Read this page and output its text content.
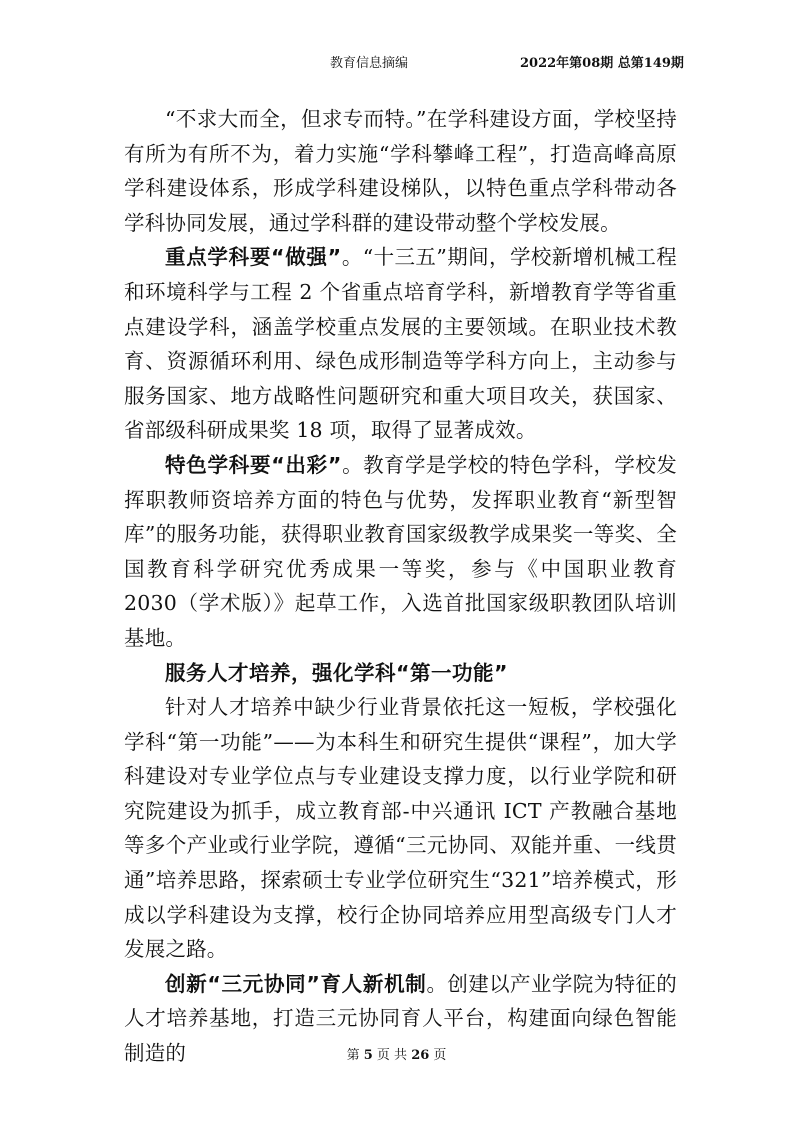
教育信息摘编	2022年第08期 总第149期

“不求大而全，但求专而特。”在学科建设方面，学校坚持有所为有所不为，着力实施“学科攀峰工程”，打造高峰高原学科建设体系，形成学科建设梯队，以特色重点学科带动各学科协同发展，通过学科群的建设带动整个学校发展。

重点学科要“做强”。“十三五”期间，学校新增机械工程和环境科学与工程 2 个省重点培育学科，新增教育学等省重点建设学科，涵盖学校重点发展的主要领域。在职业技术教育、资源循环利用、绿色成形制造等学科方向上，主动参与服务国家、地方战略性问题研究和重大项目攻关，获国家、省部级科研成果奖 18 项，取得了显著成效。

特色学科要“出彩”。教育学是学校的特色学科，学校发挥职教师资培养方面的特色与优势，发挥职业教育“新型智库”的服务功能，获得职业教育国家级教学成果奖一等奖、全国教育科学研究优秀成果一等奖，参与《中国职业教育 2030（学术版）》起草工作，入选首批国家级职教团队培训基地。

服务人才培养，强化学科“第一功能”

针对人才培养中缺少行业背景依托这一短板，学校强化学科“第一功能”——为本科生和研究生提供“课程”，加大学科建设对专业学位点与专业建设支撑力度，以行业学院和研究院建设为抓手，成立教育部-中兴通讯 ICT 产教融合基地等多个产业或行业学院，遵循“三元协同、双能并重、一线贯通”培养思路，探索硕士专业学位研究生“321”培养模式，形成以学科建设为支撑，校行企协同培养应用型高级专门人才发展之路。

创新“三元协同”育人新机制。创建以产业学院为特征的人才培养基地，打造三元协同育人平台，构建面向绿色智能制造的	第 5 页 共 26 页
